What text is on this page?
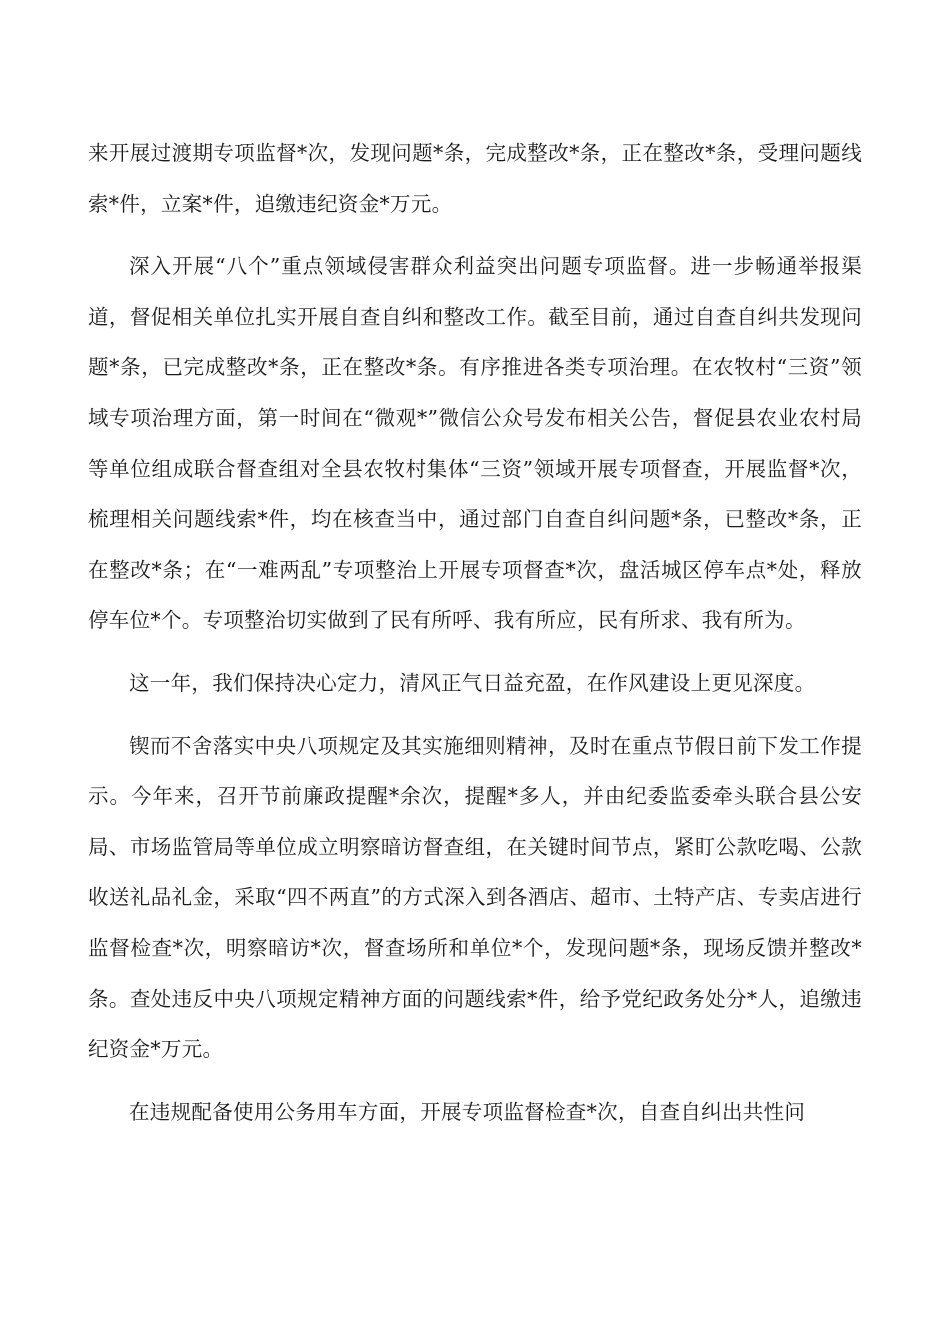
来开展过渡期专项监督*次，发现问题*条，完成整改*条，正在整改*条，受理问题线索*件，立案*件，追缴违纪资金*万元。

深入开展“八个”重点领域侵害群众利益突出问题专项监督。进一步畅通举报渠道，督促相关单位扎实开展自查自纠和整改工作。截至目前，通过自查自纠共发现问题*条，已完成整改*条，正在整改*条。有序推进各类专项治理。在农牧村“三资”领域专项治理方面，第一时间在“微观*”微信公众号发布相关公告，督促县农业农村局等单位组成联合督查组对全县农牧村集体“三资”领域开展专项督查，开展监督*次，梳理相关问题线索*件，均在核查当中，通过部门自查自纠问题*条，已整改*条，正在整改*条；在“一难两乱”专项整治上开展专项督查*次，盘活城区停车点*处，释放停车位*个。专项整治切实做到了民有所呼、我有所应，民有所求、我有所为。

这一年，我们保持决心定力，清风正气日益充盈，在作风建设上更见深度。

锲而不舍落实中央八项规定及其实施细则精神，及时在重点节假日前下发工作提示。今年来，召开节前廉政提醒*余次，提醒*多人，并由纪委监委牵头联合县公安局、市场监管局等单位成立明察暗访督查组，在关键时间节点，紧盯公款吃喝、公款收送礼品礼金，采取“四不两直”的方式深入到各酒店、超市、土特产店、专卖店进行监督检查*次，明察暗访*次，督查场所和单位*个，发现问题*条，现场反馈并整改*条。查处违反中央八项规定精神方面的问题线索*件，给予党纪政务处分*人，追缴违纪资金*万元。

在违规配备使用公务用车方面，开展专项监督检查*次，自查自纠出共性问
